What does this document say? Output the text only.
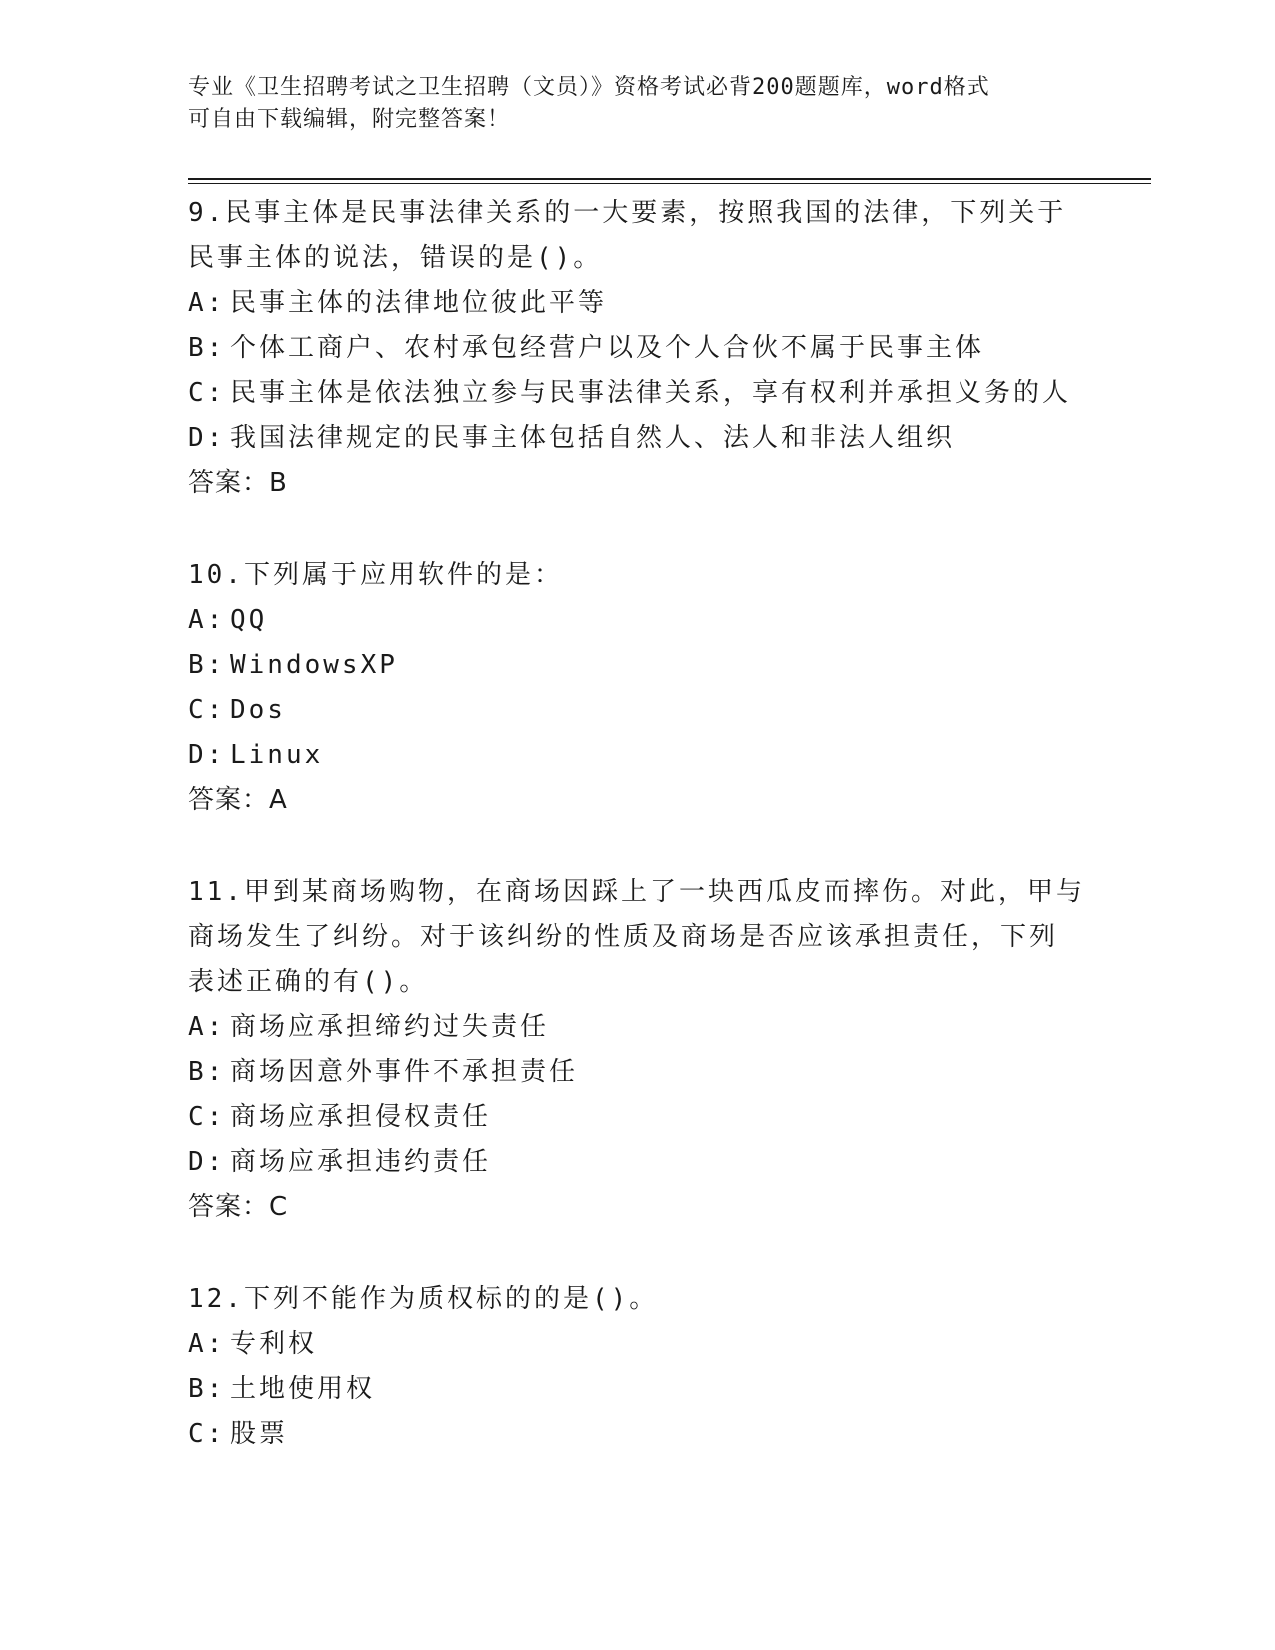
专业《卫生招聘考试之卫生招聘（文员）》资格考试必背200题题库，word格式
可自由下载编辑，附完整答案！
9.民事主体是民事法律关系的一大要素，按照我国的法律，下列关于
民事主体的说法，错误的是()。
A: 民事主体的法律地位彼此平等
B: 个体工商户、农村承包经营户以及个人合伙不属于民事主体
C: 民事主体是依法独立参与民事法律关系，享有权利并承担义务的人
D: 我国法律规定的民事主体包括自然人、法人和非法人组织
答案：B
10.下列属于应用软件的是：
A: QQ
B: WindowsXP
C: Dos
D: Linux
答案：A
11.甲到某商场购物，在商场因踩上了一块西瓜皮而摔伤。对此，甲与
商场发生了纠纷。对于该纠纷的性质及商场是否应该承担责任，下列
表述正确的有()。
A: 商场应承担缔约过失责任
B: 商场因意外事件不承担责任
C: 商场应承担侵权责任
D: 商场应承担违约责任
答案：C
12.下列不能作为质权标的的是()。
A: 专利权
B: 土地使用权
C: 股票
